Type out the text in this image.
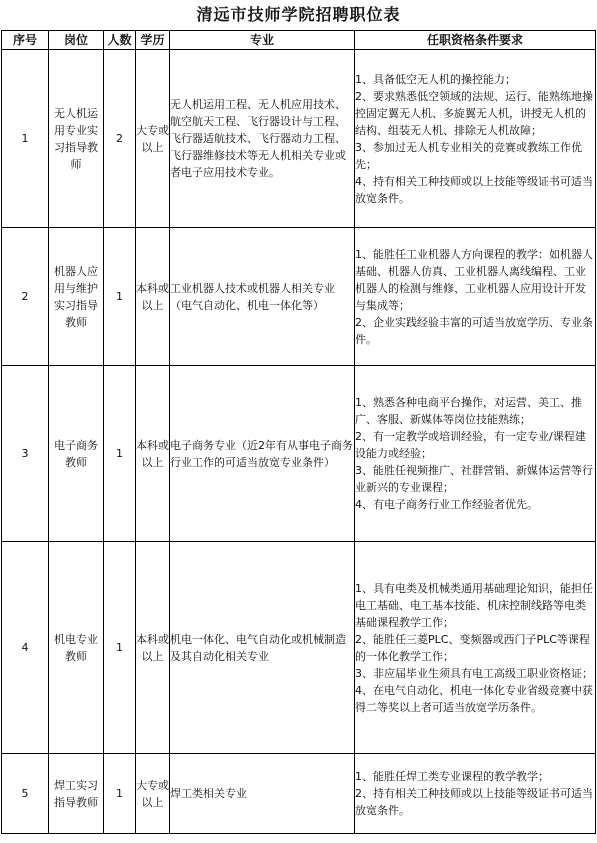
清远市技师学院招聘职位表
序号	岗位	人数	学历	专业	任职资格条件要求
1	无人机运用专业实习指导教师	2	大专或以上	无人机运用工程、无人机应用技术、航空航天工程、飞行器设计与工程、飞行器适航技术、飞行器动力工程、飞行器维修技术等无人机相关专业或者电子应用技术专业。	1、具备低空无人机的操控能力；
2、要求熟悉低空领域的法规、运行、能熟练地操控固定翼无人机、多旋翼无人机，讲授无人机的结构、组装无人机、排除无人机故障；
3、参加过无人机专业相关的竞赛或教练工作优先；
4、持有相关工种技师或以上技能等级证书可适当放宽条件。

2	机器人应用与维护实习指导教师	1	本科或以上	工业机器人技术或机器人相关专业（电气自动化、机电一体化等）	1、能胜任工业机器人方向课程的教学：如机器人基础、机器人仿真、工业机器人离线编程、工业机器人的检测与维修、工业机器人应用设计开发与集成等；
2、企业实践经验丰富的可适当放宽学历、专业条件。

3	电子商务教师	1	本科或以上	电子商务专业（近2年有从事电子商务行业工作的可适当放宽专业条件）	1、熟悉各种电商平台操作，对运营、美工、推广、客服、新媒体等岗位技能熟练；
2、有一定教学或培训经验，有一定专业/课程建设能力或经验；
3、能胜任视频推广、社群营销、新媒体运营等行业新兴的专业课程；
4、有电子商务行业工作经验者优先。

4	机电专业教师	1	本科或以上	机电一体化、电气自动化或机械制造及其自动化相关专业	1、具有电类及机械类通用基础理论知识，能担任电工基础、电工基本技能、机床控制线路等电类基础课程教学工作；
2、能胜任三菱PLC、变频器或西门子PLC等课程的一体化教学工作；
3、非应届毕业生须具有电工高级工职业资格证；
4、在电气自动化、机电一体化专业省级竞赛中获得二等奖以上者可适当放宽学历条件。

5	焊工实习指导教师	1	大专或以上	焊工类相关专业	1、能胜任焊工类专业课程的教学教学；
2、持有相关工种技师或以上技能等级证书可适当放宽条件。
